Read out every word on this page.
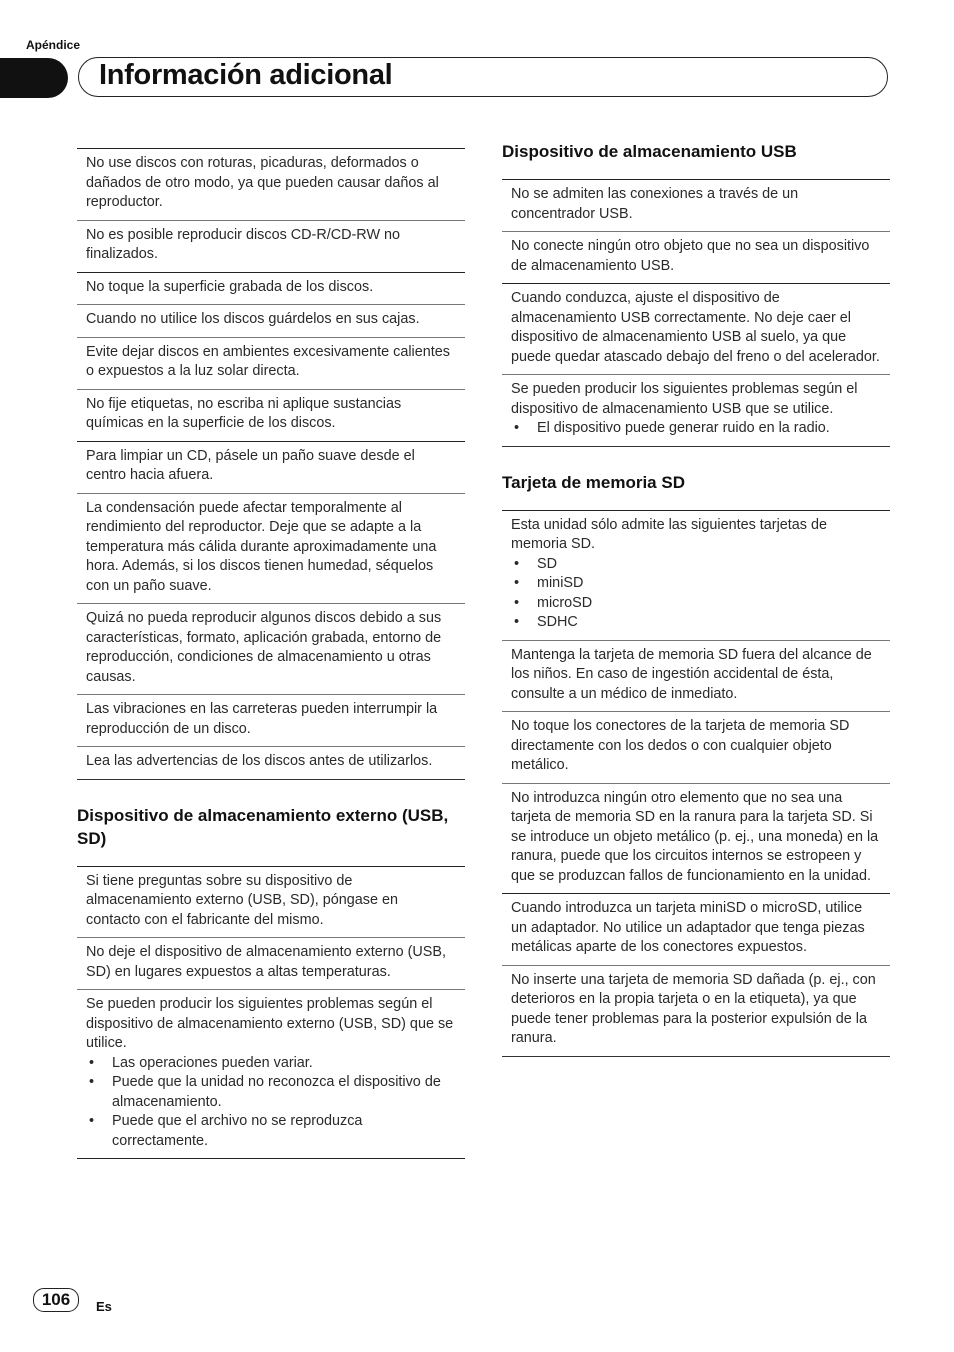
Apéndice
Información adicional
No use discos con roturas, picaduras, deformados o dañados de otro modo, ya que pueden causar daños al reproductor.
No es posible reproducir discos CD-R/CD-RW no finalizados.
No toque la superficie grabada de los discos.
Cuando no utilice los discos guárdelos en sus cajas.
Evite dejar discos en ambientes excesivamente calientes o expuestos a la luz solar directa.
No fije etiquetas, no escriba ni aplique sustancias químicas en la superficie de los discos.
Para limpiar un CD, pásele un paño suave desde el centro hacia afuera.
La condensación puede afectar temporalmente al rendimiento del reproductor. Deje que se adapte a la temperatura más cálida durante aproximadamente una hora. Además, si los discos tienen humedad, séquelos con un paño suave.
Quizá no pueda reproducir algunos discos debido a sus características, formato, aplicación grabada, entorno de reproducción, condiciones de almacenamiento u otras causas.
Las vibraciones en las carreteras pueden interrumpir la reproducción de un disco.
Lea las advertencias de los discos antes de utilizarlos.
Dispositivo de almacenamiento externo (USB, SD)
Si tiene preguntas sobre su dispositivo de almacenamiento externo (USB, SD), póngase en contacto con el fabricante del mismo.
No deje el dispositivo de almacenamiento externo (USB, SD) en lugares expuestos a altas temperaturas.
Se pueden producir los siguientes problemas según el dispositivo de almacenamiento externo (USB, SD) que se utilice.
• Las operaciones pueden variar.
• Puede que la unidad no reconozca el dispositivo de almacenamiento.
• Puede que el archivo no se reproduzca correctamente.
Dispositivo de almacenamiento USB
No se admiten las conexiones a través de un concentrador USB.
No conecte ningún otro objeto que no sea un dispositivo de almacenamiento USB.
Cuando conduzca, ajuste el dispositivo de almacenamiento USB correctamente. No deje caer el dispositivo de almacenamiento USB al suelo, ya que puede quedar atascado debajo del freno o del acelerador.
Se pueden producir los siguientes problemas según el dispositivo de almacenamiento USB que se utilice.
• El dispositivo puede generar ruido en la radio.
Tarjeta de memoria SD
Esta unidad sólo admite las siguientes tarjetas de memoria SD.
• SD
• miniSD
• microSD
• SDHC
Mantenga la tarjeta de memoria SD fuera del alcance de los niños. En caso de ingestión accidental de ésta, consulte a un médico de inmediato.
No toque los conectores de la tarjeta de memoria SD directamente con los dedos o con cualquier objeto metálico.
No introduzca ningún otro elemento que no sea una tarjeta de memoria SD en la ranura para la tarjeta SD. Si se introduce un objeto metálico (p. ej., una moneda) en la ranura, puede que los circuitos internos se estropeen y que se produzcan fallos de funcionamiento en la unidad.
Cuando introduzca un tarjeta miniSD o microSD, utilice un adaptador. No utilice un adaptador que tenga piezas metálicas aparte de los conectores expuestos.
No inserte una tarjeta de memoria SD dañada (p. ej., con deterioros en la propia tarjeta o en la etiqueta), ya que puede tener problemas para la posterior expulsión de la ranura.
106	Es
